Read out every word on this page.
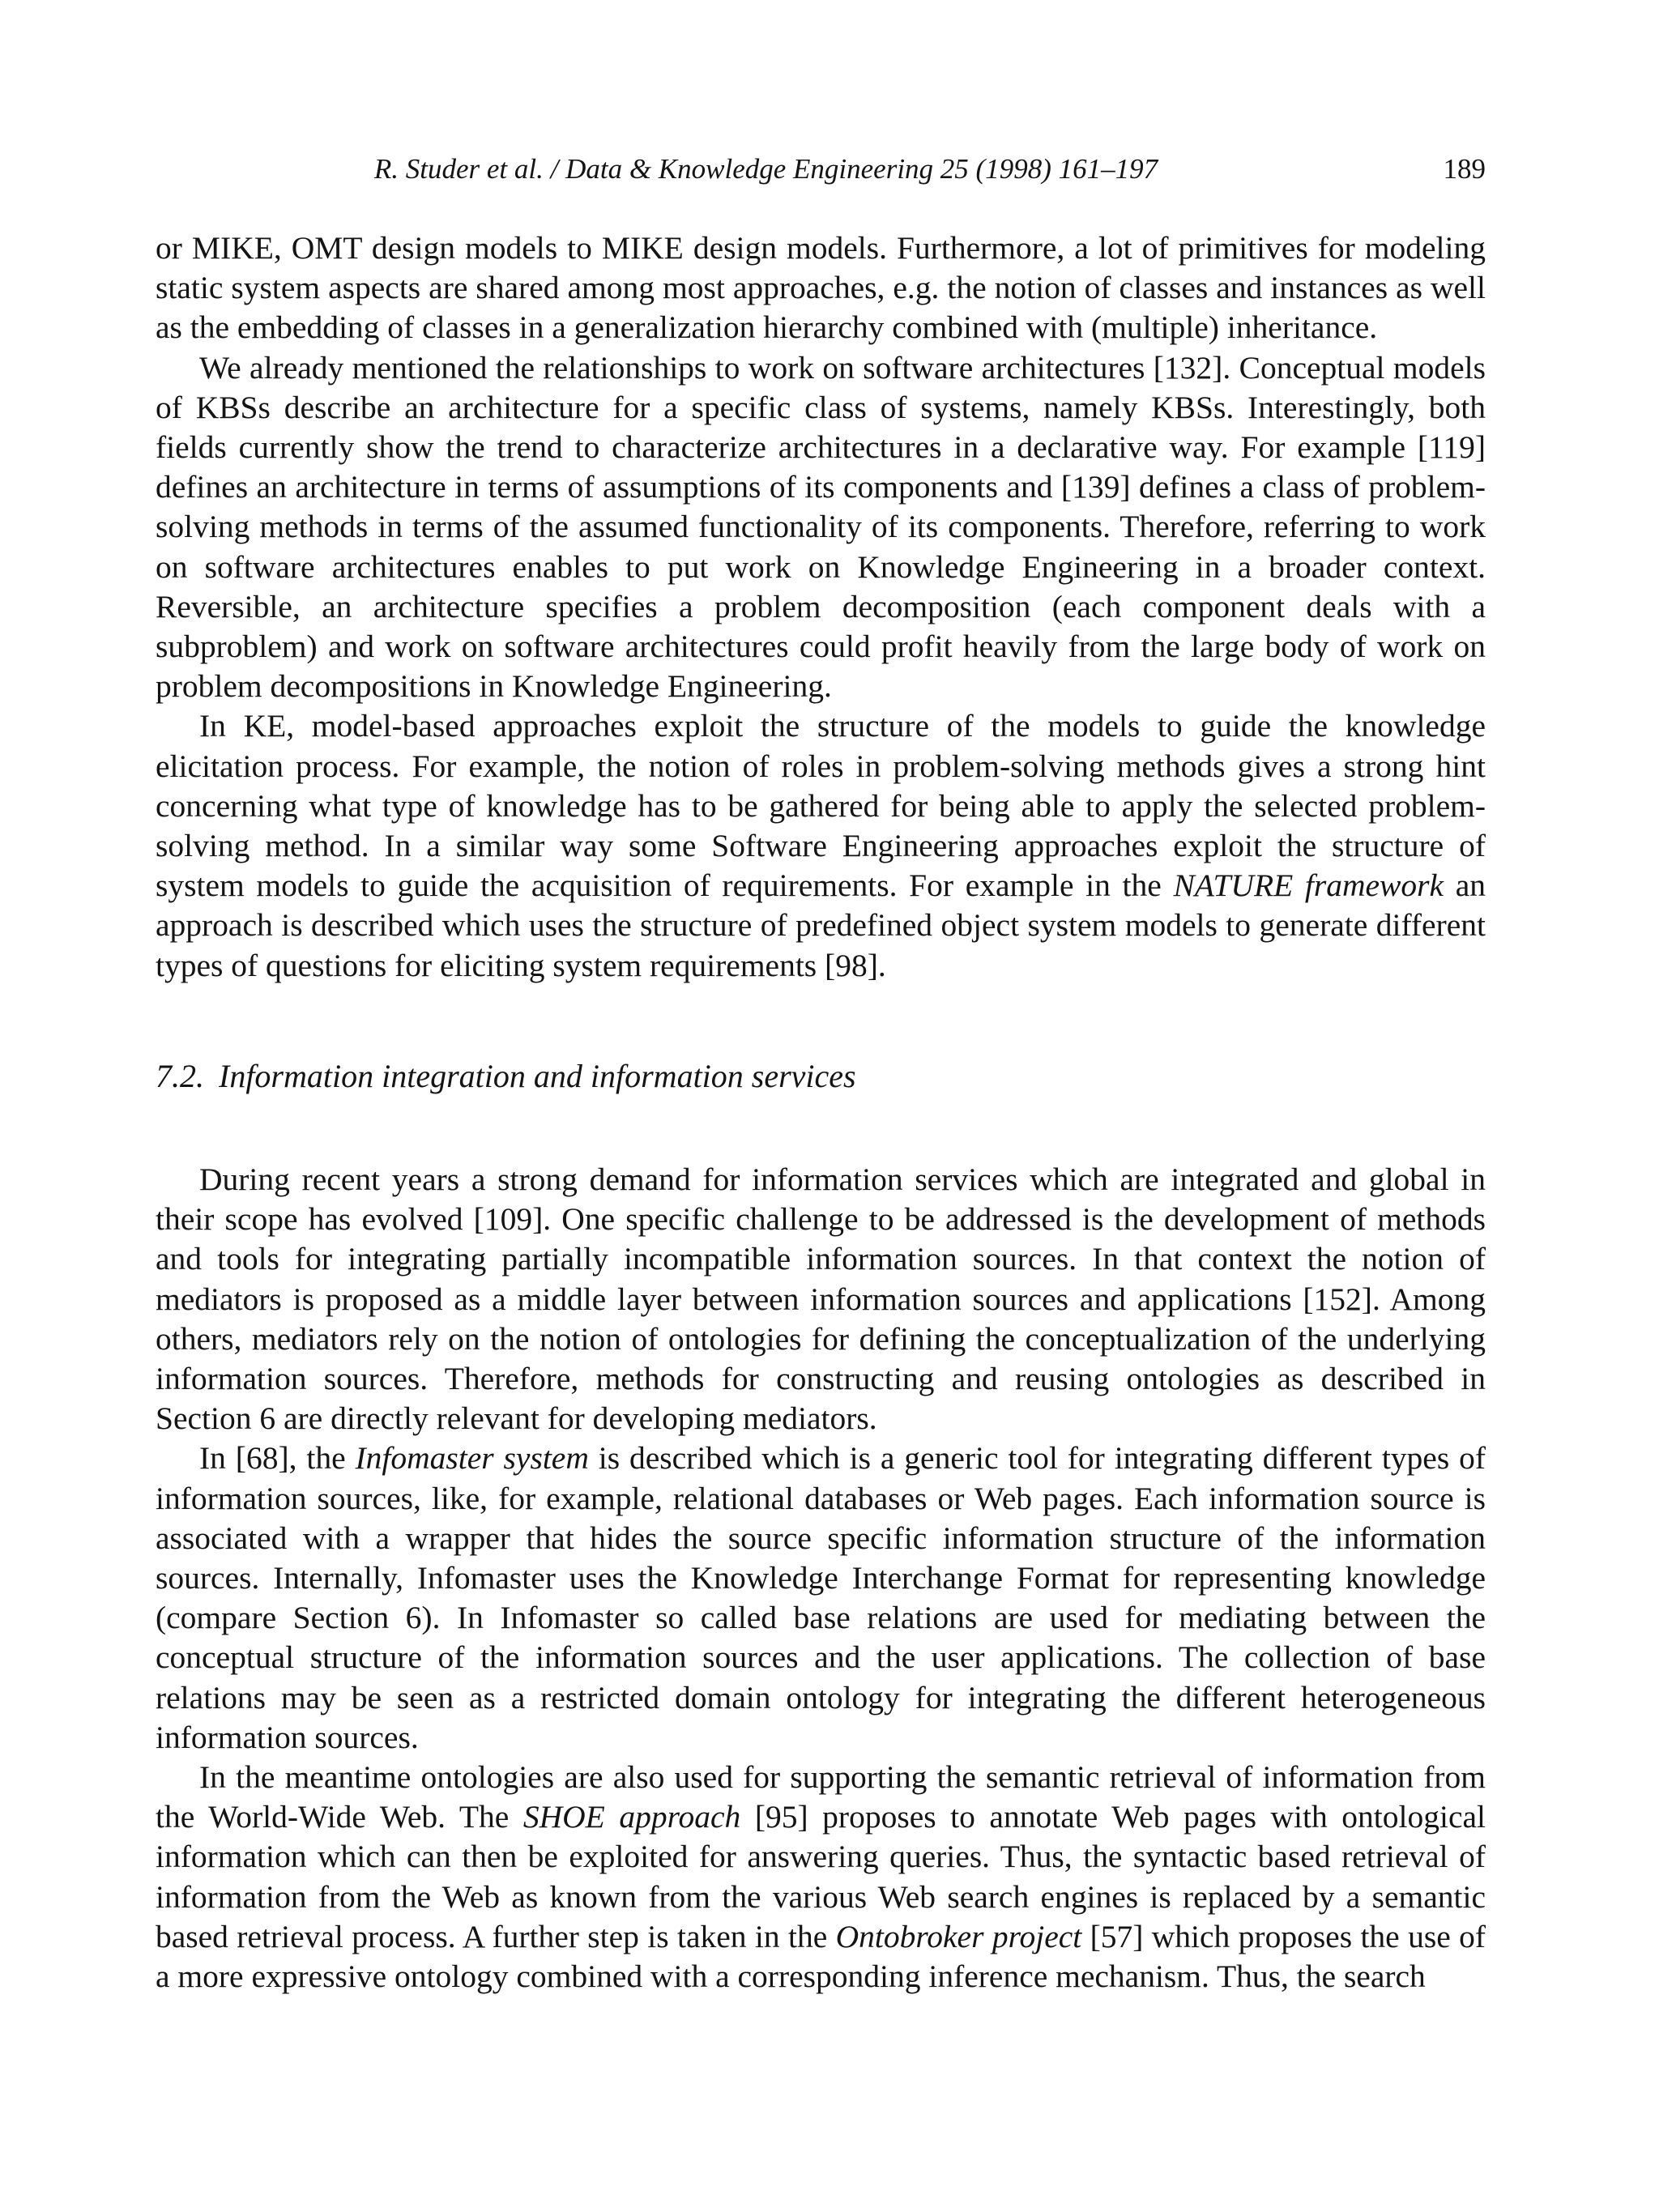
R. Studer et al. / Data & Knowledge Engineering 25 (1998) 161–197	189

or MIKE, OMT design models to MIKE design models. Furthermore, a lot of primitives for modeling static system aspects are shared among most approaches, e.g. the notion of classes and instances as well as the embedding of classes in a generalization hierarchy combined with (multiple) inheritance.

We already mentioned the relationships to work on software architectures [132]. Conceptual models of KBSs describe an architecture for a specific class of systems, namely KBSs. Interestingly, both fields currently show the trend to characterize architectures in a declarative way. For example [119] defines an architecture in terms of assumptions of its components and [139] defines a class of problem-solving methods in terms of the assumed functionality of its components. Therefore, referring to work on software architectures enables to put work on Knowledge Engineering in a broader context. Reversible, an architecture specifies a problem decomposition (each component deals with a subproblem) and work on software architectures could profit heavily from the large body of work on problem decompositions in Knowledge Engineering.

In KE, model-based approaches exploit the structure of the models to guide the knowledge elicitation process. For example, the notion of roles in problem-solving methods gives a strong hint concerning what type of knowledge has to be gathered for being able to apply the selected problem-solving method. In a similar way some Software Engineering approaches exploit the structure of system models to guide the acquisition of requirements. For example in the NATURE framework an approach is described which uses the structure of predefined object system models to generate different types of questions for eliciting system requirements [98].

7.2. Information integration and information services

During recent years a strong demand for information services which are integrated and global in their scope has evolved [109]. One specific challenge to be addressed is the development of methods and tools for integrating partially incompatible information sources. In that context the notion of mediators is proposed as a middle layer between information sources and applications [152]. Among others, mediators rely on the notion of ontologies for defining the conceptualization of the underlying information sources. Therefore, methods for constructing and reusing ontologies as described in Section 6 are directly relevant for developing mediators.

In [68], the Infomaster system is described which is a generic tool for integrating different types of information sources, like, for example, relational databases or Web pages. Each information source is associated with a wrapper that hides the source specific information structure of the information sources. Internally, Infomaster uses the Knowledge Interchange Format for representing knowledge (compare Section 6). In Infomaster so called base relations are used for mediating between the conceptual structure of the information sources and the user applications. The collection of base relations may be seen as a restricted domain ontology for integrating the different heterogeneous information sources.

In the meantime ontologies are also used for supporting the semantic retrieval of information from the World-Wide Web. The SHOE approach [95] proposes to annotate Web pages with ontological information which can then be exploited for answering queries. Thus, the syntactic based retrieval of information from the Web as known from the various Web search engines is replaced by a semantic based retrieval process. A further step is taken in the Ontobroker project [57] which proposes the use of a more expressive ontology combined with a corresponding inference mechanism. Thus, the search
